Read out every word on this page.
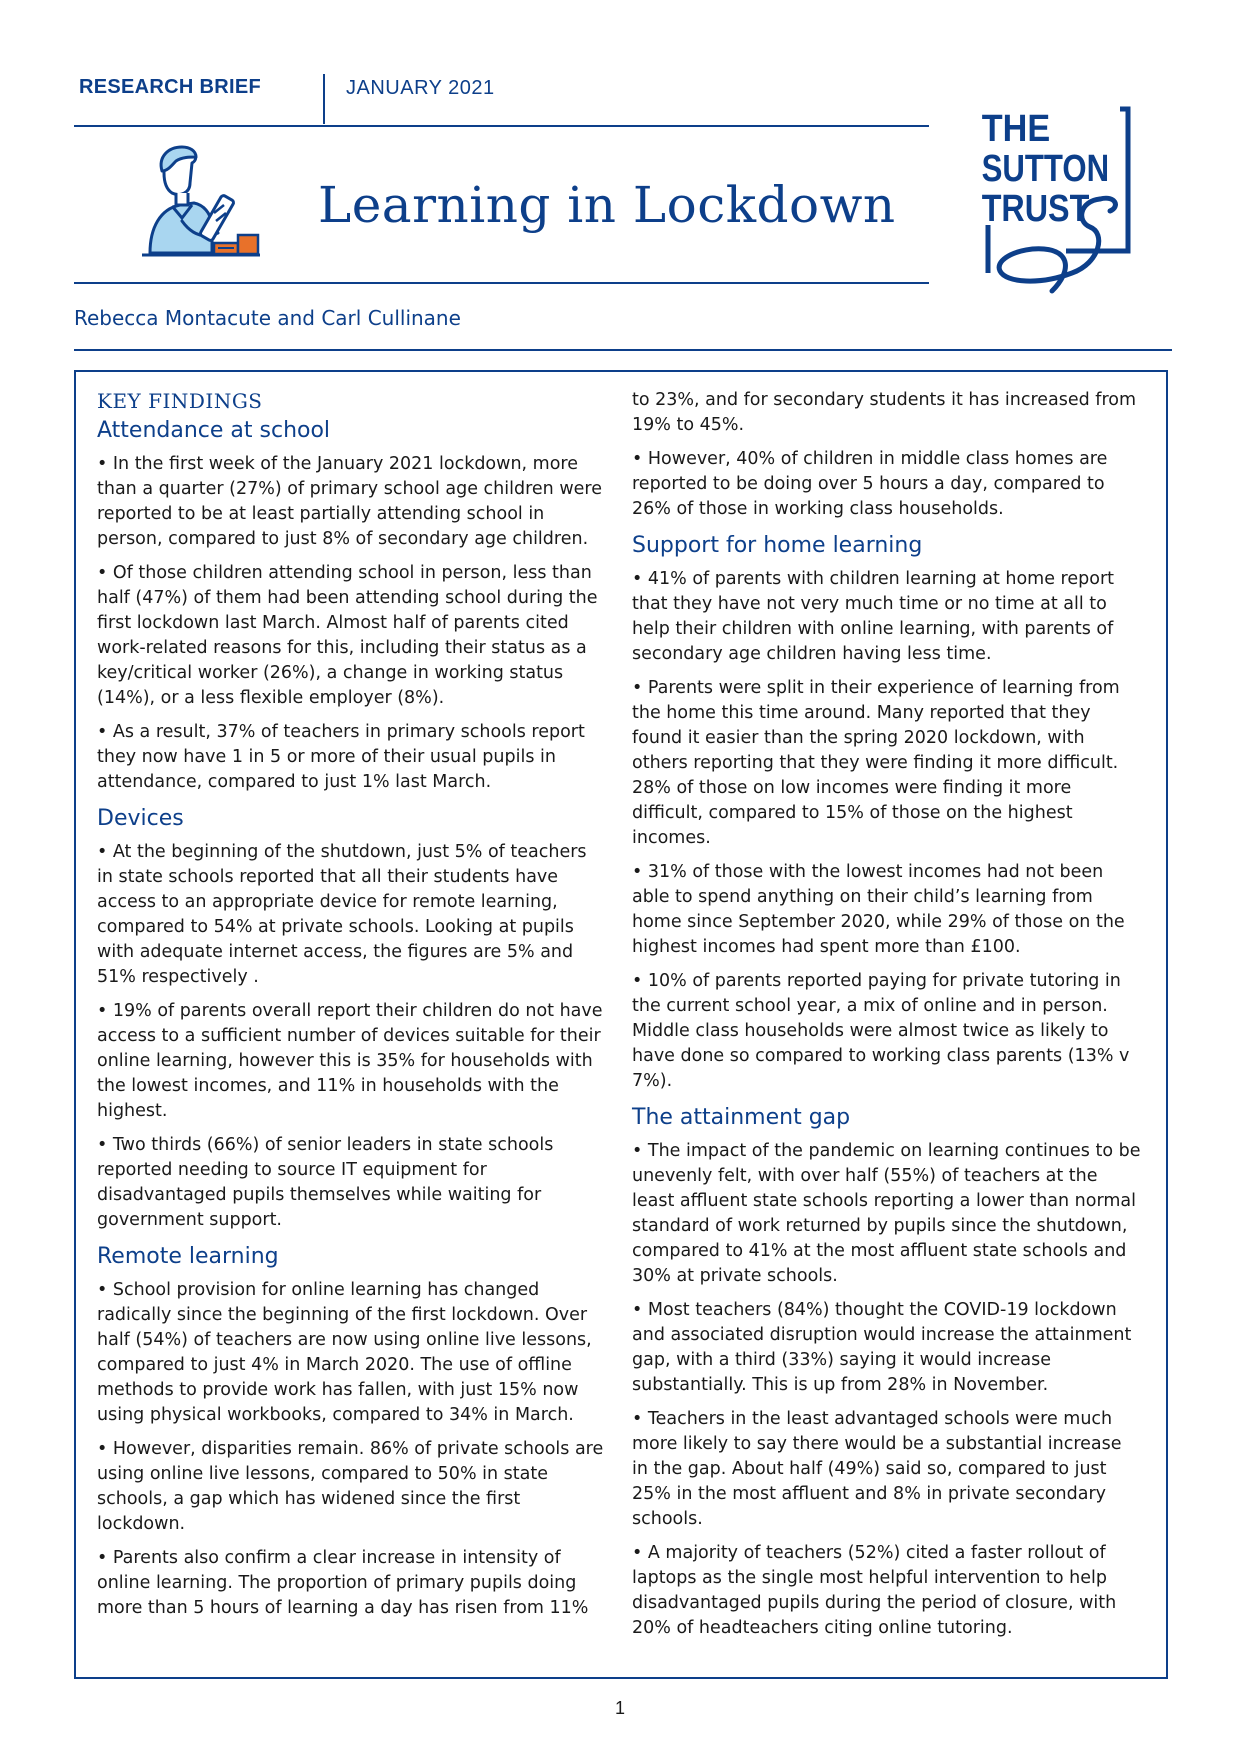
RESEARCH BRIEF	JANUARY 2021
Learning in Lockdown
THE
SUTTON
TRUST
Rebecca Montacute and Carl Cullinane
KEY FINDINGS
Attendance at school

• In the first week of the January 2021 lockdown, more than a quarter (27%) of primary school age children were reported to be at least partially attending school in person, compared to just 8% of secondary age children.

• Of those children attending school in person, less than half (47%) of them had been attending school during the first lockdown last March. Almost half of parents cited work-related reasons for this, including their status as a key/critical worker (26%), a change in working status (14%), or a less flexible employer (8%).

• As a result, 37% of teachers in primary schools report they now have 1 in 5 or more of their usual pupils in attendance, compared to just 1% last March.

Devices

• At the beginning of the shutdown, just 5% of teachers in state schools reported that all their students have access to an appropriate device for remote learning, compared to 54% at private schools. Looking at pupils with adequate internet access, the figures are 5% and 51% respectively .

• 19% of parents overall report their children do not have access to a sufficient number of devices suitable for their online learning, however this is 35% for households with the lowest incomes, and 11% in households with the highest.

• Two thirds (66%) of senior leaders in state schools reported needing to source IT equipment for disadvantaged pupils themselves while waiting for government support.

Remote learning

• School provision for online learning has changed radically since the beginning of the first lockdown. Over half (54%) of teachers are now using online live lessons, compared to just 4% in March 2020. The use of offline methods to provide work has fallen, with just 15% now using physical workbooks, compared to 34% in March.

• However, disparities remain. 86% of private schools are using online live lessons, compared to 50% in state schools, a gap which has widened since the first lockdown.

• Parents also confirm a clear increase in intensity of online learning. The proportion of primary pupils doing more than 5 hours of learning a day has risen from 11%

to 23%, and for secondary students it has increased from 19% to 45%.

• However, 40% of children in middle class homes are reported to be doing over 5 hours a day, compared to 26% of those in working class households.

Support for home learning

• 41% of parents with children learning at home report that they have not very much time or no time at all to help their children with online learning, with parents of secondary age children having less time.

• Parents were split in their experience of learning from the home this time around. Many reported that they found it easier than the spring 2020 lockdown, with others reporting that they were finding it more difficult. 28% of those on low incomes were finding it more difficult, compared to 15% of those on the highest incomes.

• 31% of those with the lowest incomes had not been able to spend anything on their child’s learning from home since September 2020, while 29% of those on the highest incomes had spent more than £100.

• 10% of parents reported paying for private tutoring in the current school year, a mix of online and in person. Middle class households were almost twice as likely to have done so compared to working class parents (13% v 7%).

The attainment gap

• The impact of the pandemic on learning continues to be unevenly felt, with over half (55%) of teachers at the least affluent state schools reporting a lower than normal standard of work returned by pupils since the shutdown, compared to 41% at the most affluent state schools and 30% at private schools.

• Most teachers (84%) thought the COVID-19 lockdown and associated disruption would increase the attainment gap, with a third (33%) saying it would increase substantially. This is up from 28% in November.

• Teachers in the least advantaged schools were much more likely to say there would be a substantial increase in the gap. About half (49%) said so, compared to just 25% in the most affluent and 8% in private secondary schools.

• A majority of teachers (52%) cited a faster rollout of laptops as the single most helpful intervention to help disadvantaged pupils during the period of closure, with 20% of headteachers citing online tutoring.

1
